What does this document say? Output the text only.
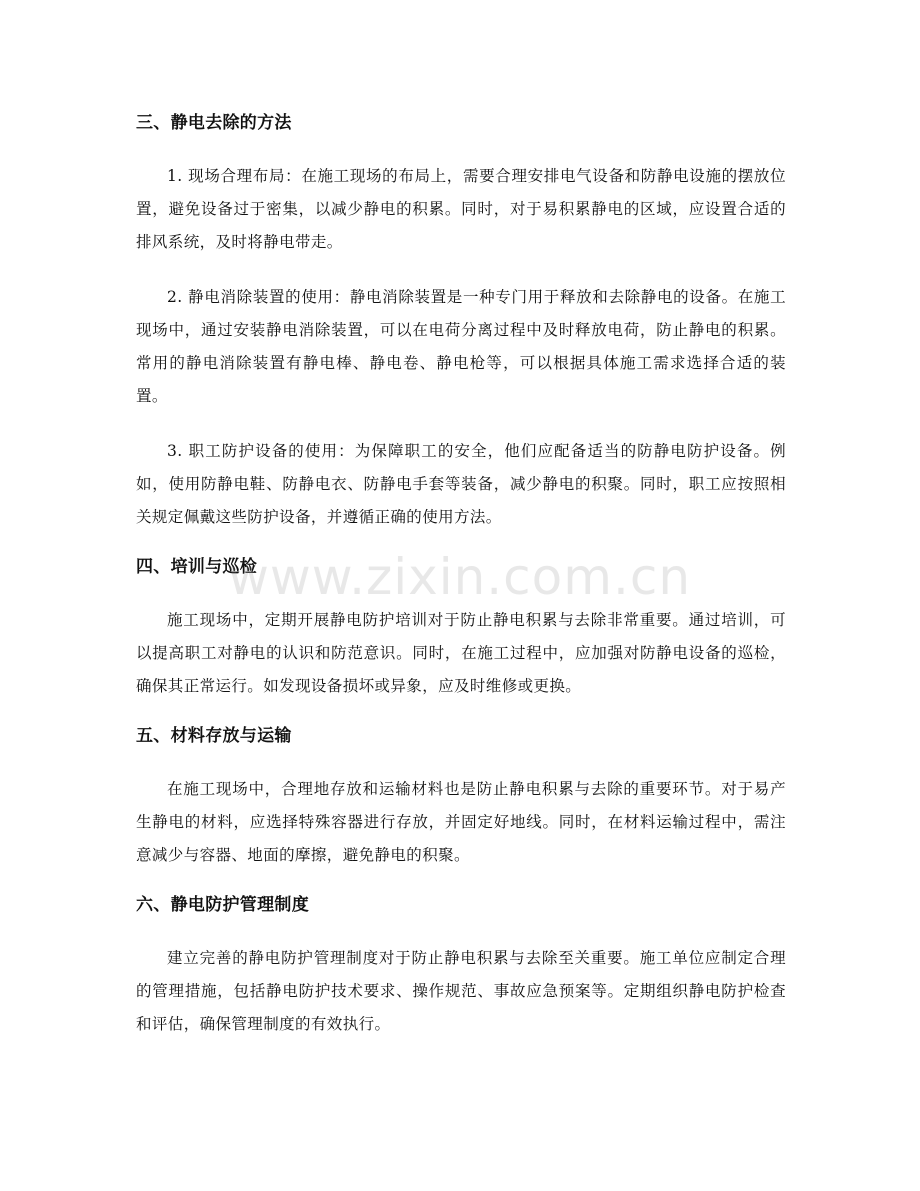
三、静电去除的方法

1. 现场合理布局：在施工现场的布局上，需要合理安排电气设备和防静电设施的摆放位置，避免设备过于密集，以减少静电的积累。同时，对于易积累静电的区域，应设置合适的排风系统，及时将静电带走。

2. 静电消除装置的使用：静电消除装置是一种专门用于释放和去除静电的设备。在施工现场中，通过安装静电消除装置，可以在电荷分离过程中及时释放电荷，防止静电的积累。常用的静电消除装置有静电棒、静电卷、静电枪等，可以根据具体施工需求选择合适的装置。

3. 职工防护设备的使用：为保障职工的安全，他们应配备适当的防静电防护设备。例如，使用防静电鞋、防静电衣、防静电手套等装备，减少静电的积聚。同时，职工应按照相关规定佩戴这些防护设备，并遵循正确的使用方法。

四、培训与巡检

施工现场中，定期开展静电防护培训对于防止静电积累与去除非常重要。通过培训，可以提高职工对静电的认识和防范意识。同时，在施工过程中，应加强对防静电设备的巡检，确保其正常运行。如发现设备损坏或异象，应及时维修或更换。

五、材料存放与运输

在施工现场中，合理地存放和运输材料也是防止静电积累与去除的重要环节。对于易产生静电的材料，应选择特殊容器进行存放，并固定好地线。同时，在材料运输过程中，需注意减少与容器、地面的摩擦，避免静电的积聚。

六、静电防护管理制度

建立完善的静电防护管理制度对于防止静电积累与去除至关重要。施工单位应制定合理的管理措施，包括静电防护技术要求、操作规范、事故应急预案等。定期组织静电防护检查和评估，确保管理制度的有效执行。

www.zixin.com.cn
